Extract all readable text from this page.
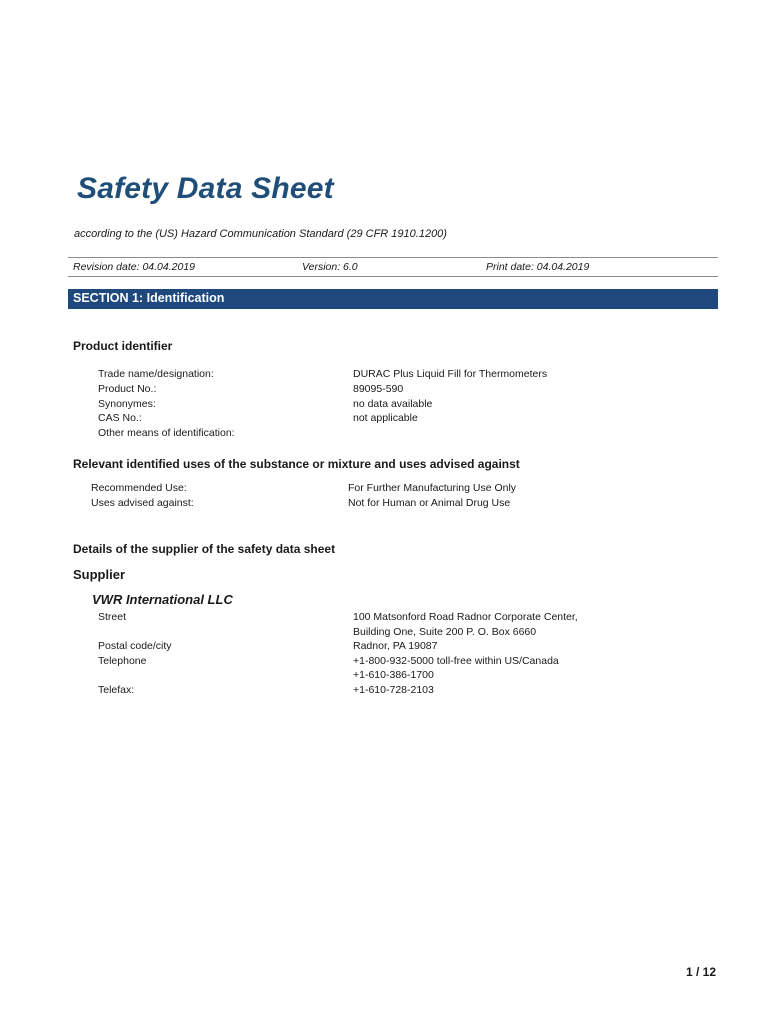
Safety Data Sheet
according to the (US) Hazard Communication Standard (29 CFR 1910.1200)
Revision date: 04.04.2019	Version: 6.0	Print date: 04.04.2019
SECTION 1: Identification
Product identifier
Trade name/designation:	DURAC Plus Liquid Fill for Thermometers
Product No.:	89095-590
Synonymes:	no data available
CAS No.:	not applicable
Other means of identification:
Relevant identified uses of the substance or mixture and uses advised against
Recommended Use:	For Further Manufacturing Use Only
Uses advised against:	Not for Human or Animal Drug Use
Details of the supplier of the safety data sheet
Supplier
VWR International LLC
Street	100 Matsonford Road Radnor Corporate Center,
Building One, Suite 200 P. O. Box 6660
Postal code/city	Radnor, PA 19087
Telephone	+1-800-932-5000 toll-free within US/Canada
+1-610-386-1700
Telefax:	+1-610-728-2103
1 / 12
